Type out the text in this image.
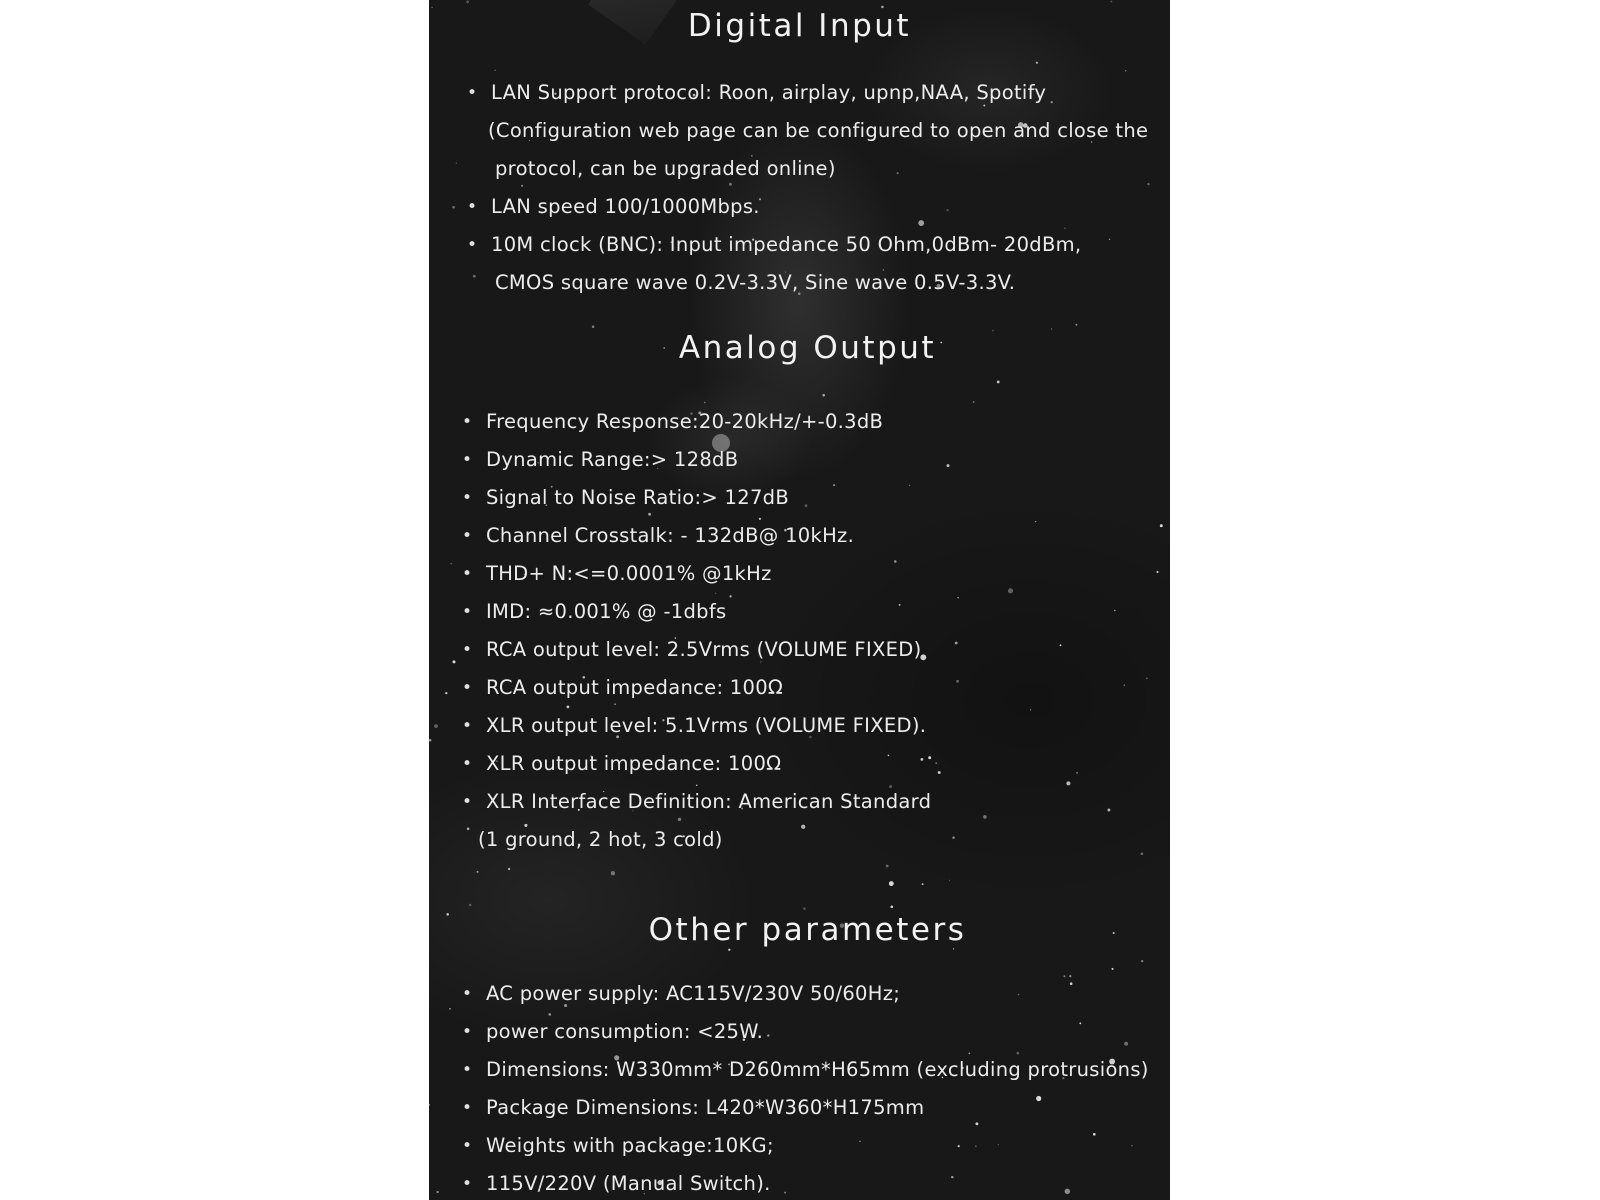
Digital Input
• LAN Support protocol: Roon, airplay, upnp,NAA, Spotify
(Configuration web page can be configured to open and close the
protocol, can be upgraded online)
• LAN speed 100/1000Mbps.
• 10M clock (BNC): Input impedance 50 Ohm,0dBm- 20dBm,
CMOS square wave 0.2V-3.3V, Sine wave 0.5V-3.3V.
Analog Output
• Frequency Response:20-20kHz/+-0.3dB
• Dynamic Range:> 128dB
• Signal to Noise Ratio:> 127dB
• Channel Crosstalk: - 132dB@ 10kHz.
• THD+ N:<=0.0001% @1kHz
• IMD: ≈0.001% @ -1dbfs
• RCA output level: 2.5Vrms (VOLUME FIXED)
• RCA output impedance: 100Ω
• XLR output level: 5.1Vrms (VOLUME FIXED).
• XLR output impedance: 100Ω
• XLR Interface Definition: American Standard
(1 ground, 2 hot, 3 cold)
Other parameters
• AC power supply: AC115V/230V 50/60Hz;
• power consumption: <25W.
• Dimensions: W330mm* D260mm*H65mm (excluding protrusions)
• Package Dimensions: L420*W360*H175mm
• Weights with package:10KG;
• 115V/220V (Manual Switch).
